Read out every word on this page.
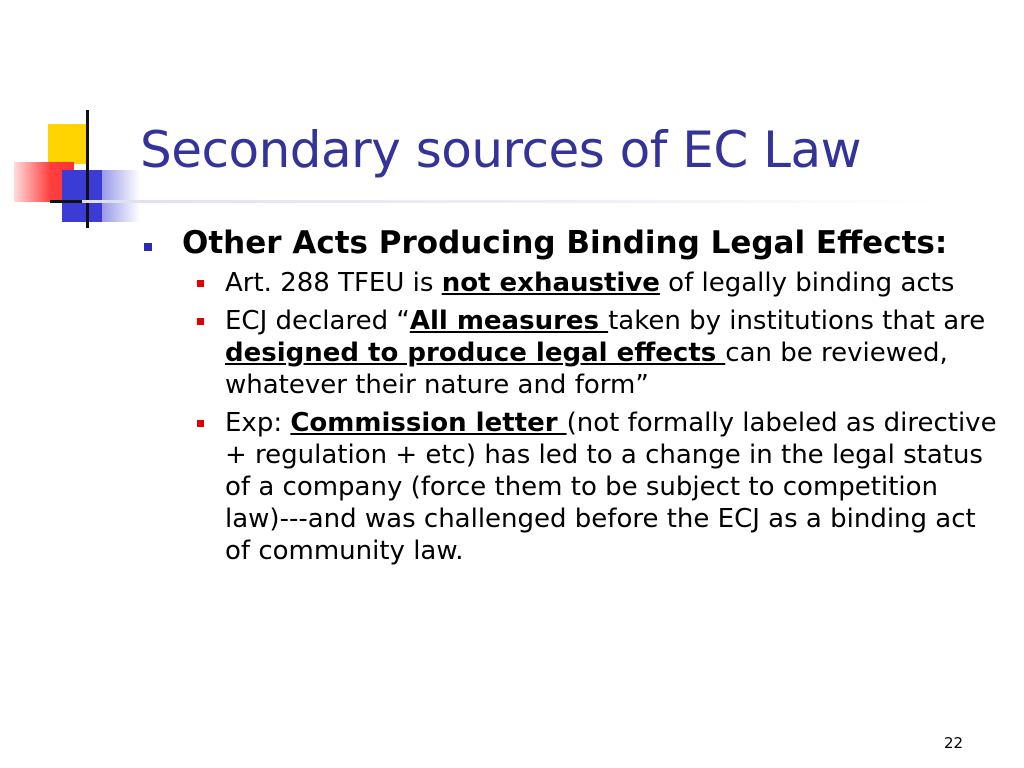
Secondary sources of EC Law
Other Acts Producing Binding Legal Effects:
Art. 288 TFEU is not exhaustive of legally binding acts
ECJ declared “All measures taken by institutions that are designed to produce legal effects can be reviewed, whatever their nature and form”
Exp: Commission letter (not formally labeled as directive + regulation + etc) has led to a change in the legal status of a company (force them to be subject to competition law)---and was challenged before the ECJ as a binding act of community law.
22
